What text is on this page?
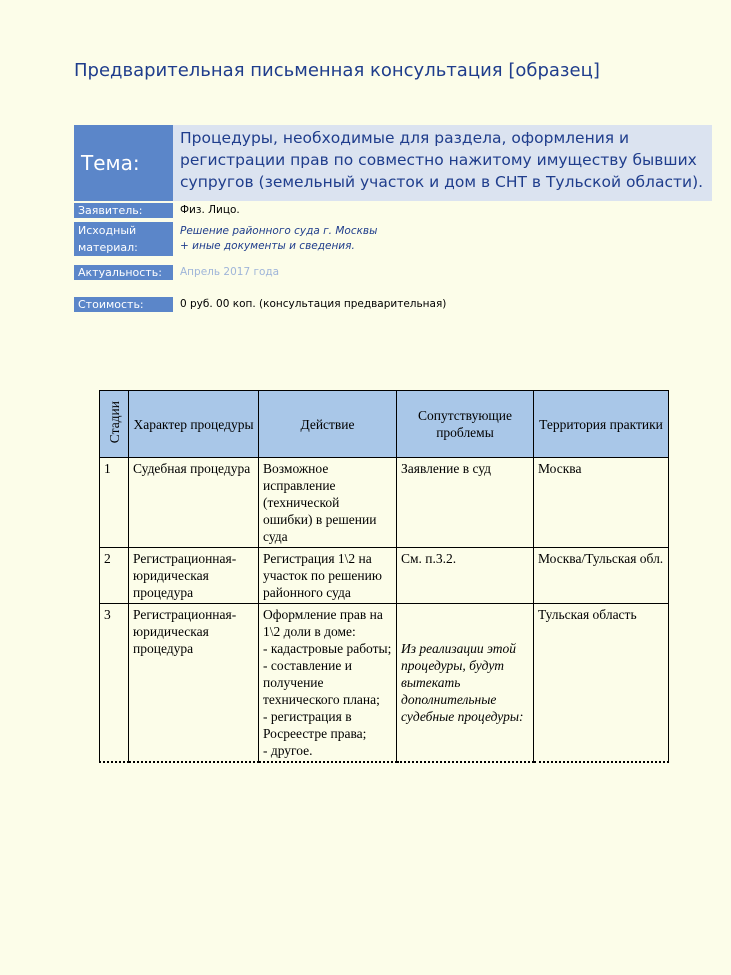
Предварительная письменная консультация [образец]
Тема:
Процедуры, необходимые для раздела, оформления и регистрации прав по совместно нажитому имуществу бывших супругов (земельный участок и дом в СНТ в Тульской области).
Заявитель:	Физ. Лицо.
Исходный
материал:
Решение районного суда г. Москвы
+ иные документы и сведения.
Актуальность:	Апрель 2017 года
Стоимость:	0 руб. 00 коп. (консультация предварительная)
Стадии	Характер процедуры	Действие	Сопутствующие проблемы	Территория практики
1	Судебная процедура	Возможное исправление (технической ошибки) в решении суда	Заявление в суд	Москва
2	Регистрационная-юридическая процедура	Регистрация 1\2 на участок по решению районного суда	См. п.3.2.	Москва/Тульская обл.
3	Регистрационная-юридическая процедура	Оформление прав на 1\2 доли в доме:
- кадастровые работы;
- составление и получение технического плана;
- регистрация в Росреестре права;
- другое.	Из реализации этой процедуры, будут вытекать дополнительные судебные процедуры:	Тульская область
